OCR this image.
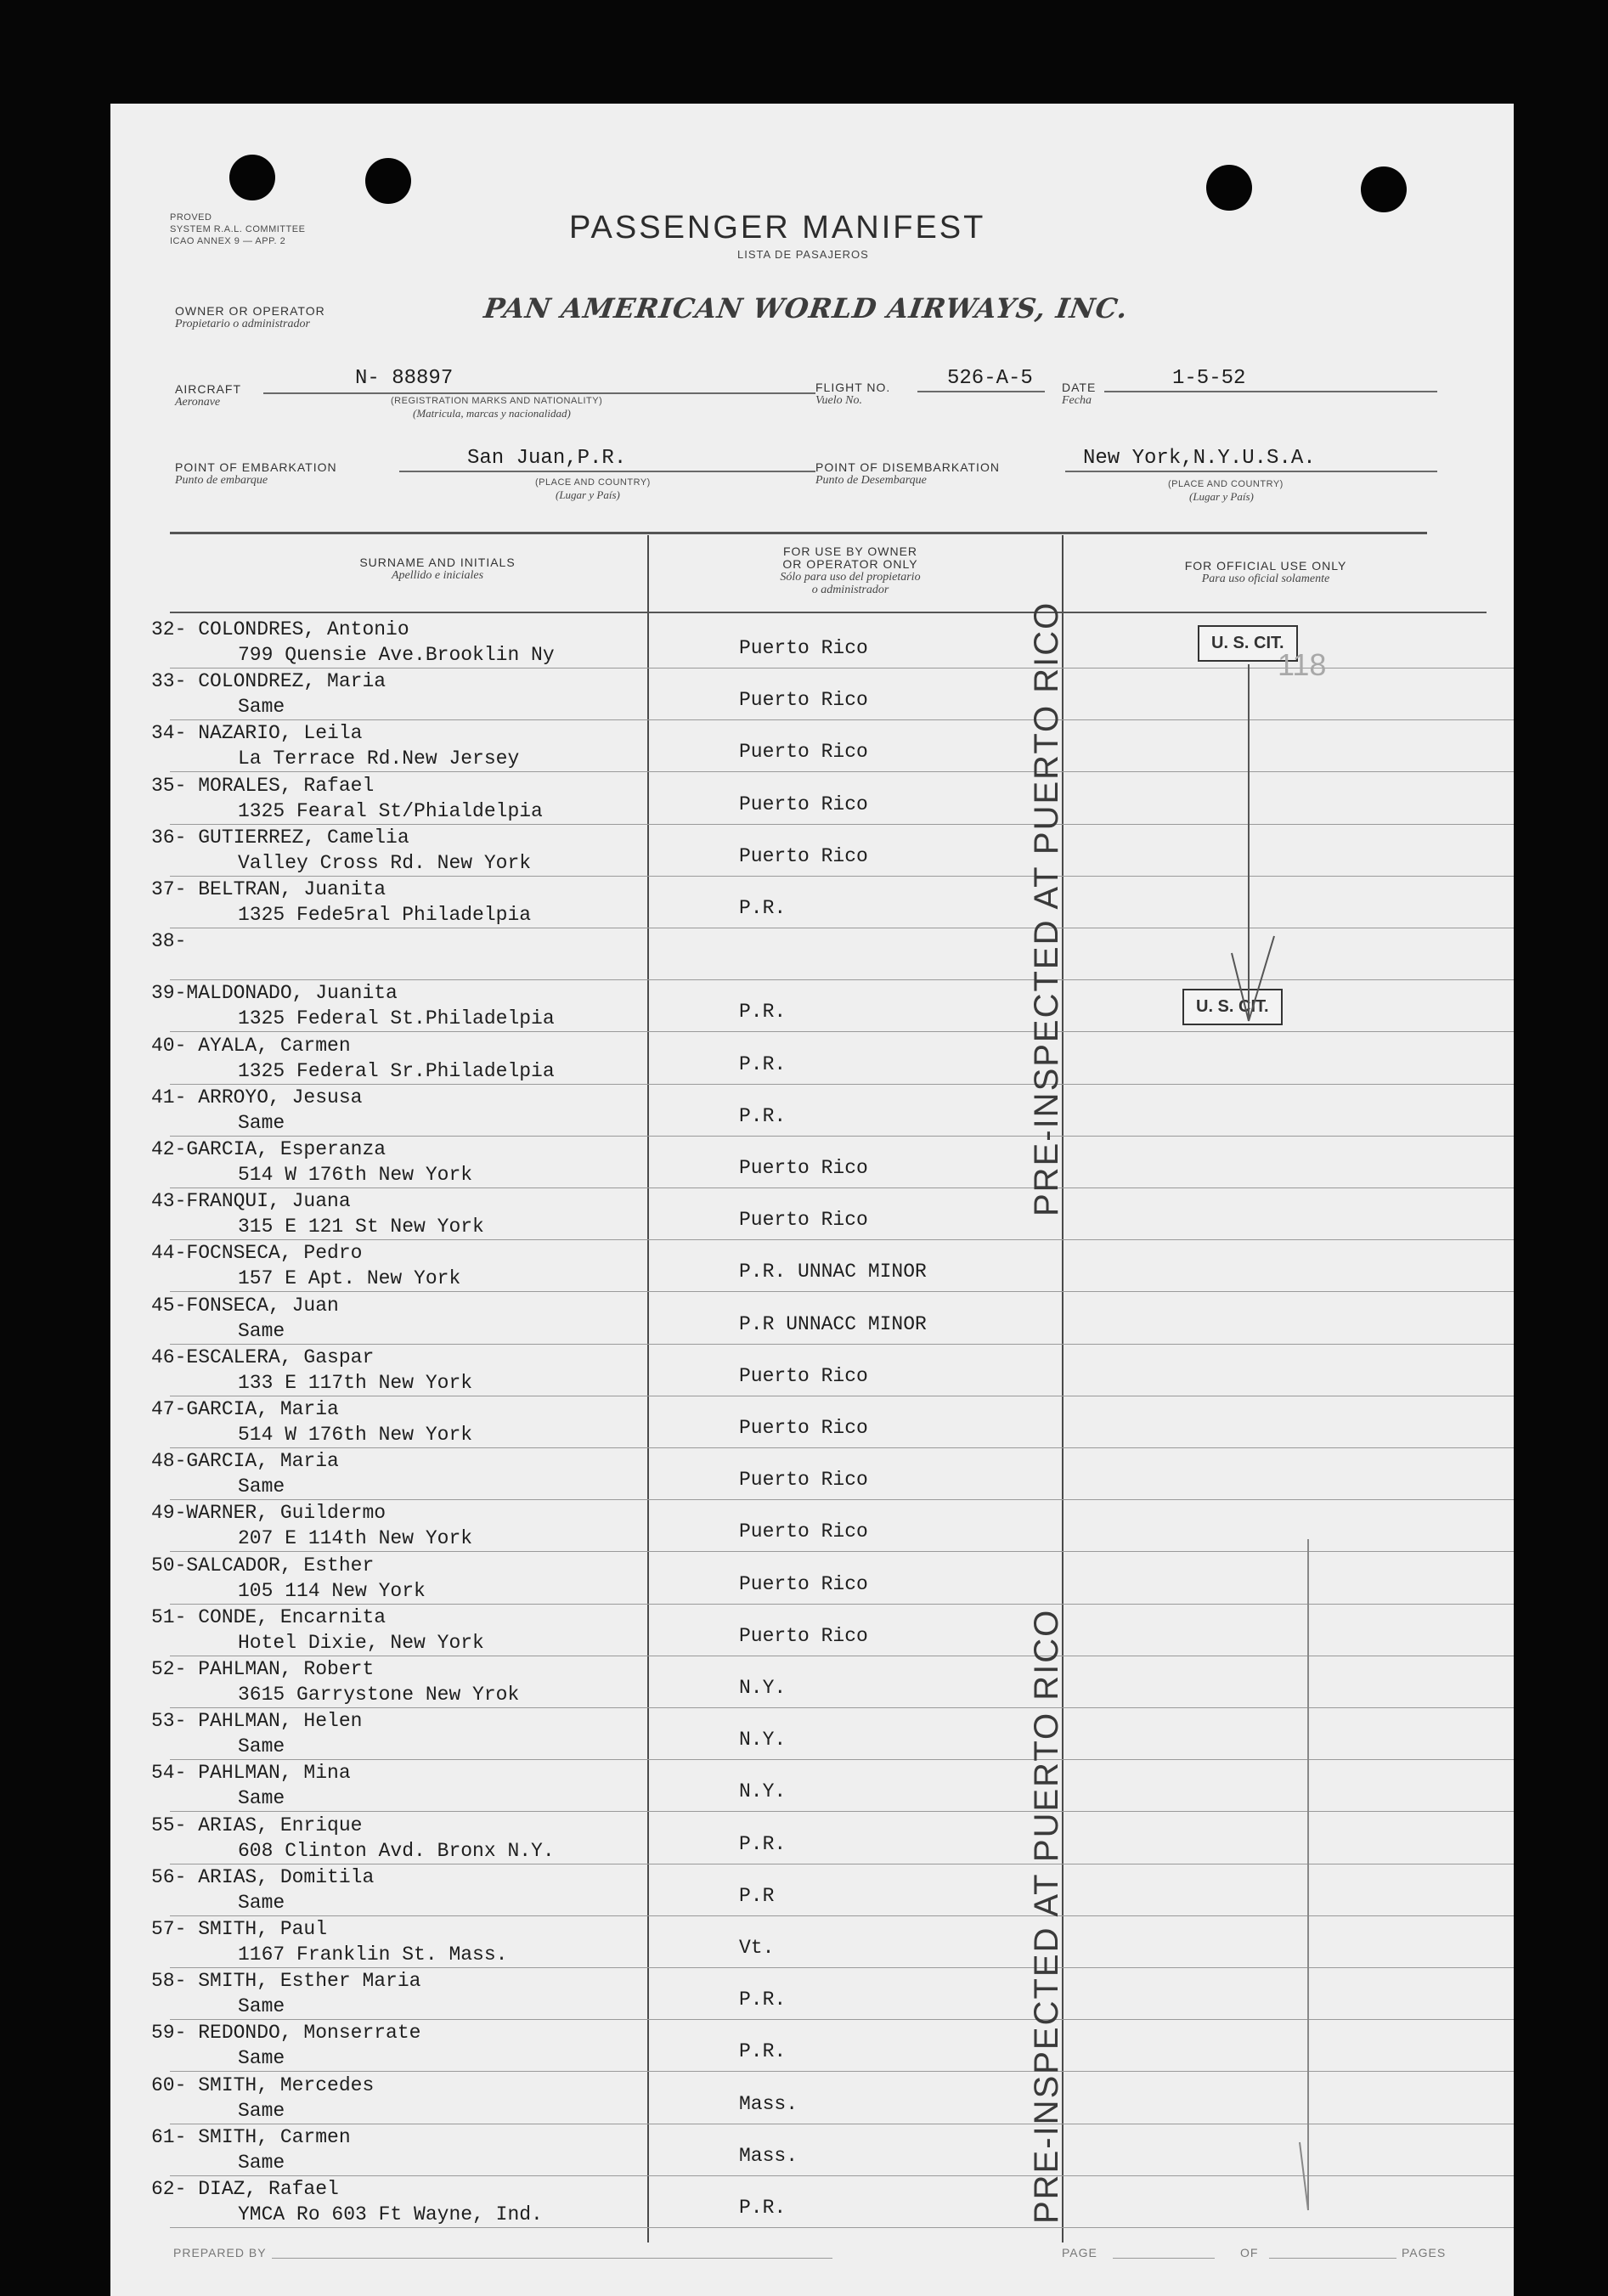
PROVED
SYSTEM R.A.L. COMMITTEE
ICAO ANNEX 9 — APP. 2	PASSENGER MANIFEST
LISTA DE PASAJEROS
OWNER OR OPERATOR
Propietario o administrador	PAN AMERICAN WORLD AIRWAYS, INC.
AIRCRAFT
Aeronave
N- 88897
(REGISTRATION MARKS AND NATIONALITY)
(Matricula, marcas y nacionalidad)
FLIGHT NO.
Vuelo No.
526-A-5 DATE
Fecha
1-5-52
POINT OF EMBARKATION
Punto de embarque
San Juan,P.R.
(PLACE AND COUNTRY)
(Lugar y País)
POINT OF DISEMBARKATION
Punto de Desembarque
New York,N.Y.U.S.A.
(PLACE AND COUNTRY)
(Lugar y País)
SURNAME AND INITIALS
Apellido e iniciales
FOR USE BY OWNER
OR OPERATOR ONLY
Sólo para uso del propietario
o administrador
FOR OFFICIAL USE ONLY
Para uso oficial solamente
32- COLONDRES, Antonio
799 Quensie Ave.Brooklin Ny	Puerto Rico
33- COLONDREZ, Maria
Same	Puerto Rico
34- NAZARIO, Leila
La Terrace Rd.New Jersey	Puerto Rico
35- MORALES, Rafael
1325 Fearal St/Phialdelpia	Puerto Rico
36- GUTIERREZ, Camelia
Valley Cross Rd. New York	Puerto Rico
37- BELTRAN, Juanita
1325 Fede5ral Philadelpia	P.R.
38-
39-MALDONADO, Juanita
1325 Federal St.Philadelpia	P.R.
40- AYALA, Carmen
1325 Federal Sr.Philadelpia	P.R.
41- ARROYO, Jesusa
Same	P.R.
42-GARCIA, Esperanza
514 W 176th New York	Puerto Rico
43-FRANQUI, Juana
315 E 121 St New York	Puerto Rico
44-FOCNSECA, Pedro
157 E Apt. New York	P.R. UNNAC MINOR
45-FONSECA, Juan
Same	P.R UNNACC MINOR
46-ESCALERA, Gaspar
133 E 117th New York	Puerto Rico
47-GARCIA, Maria
514 W 176th New York	Puerto Rico
48-GARCIA, Maria
Same	Puerto Rico
49-WARNER, Guildermo
207 E 114th New York	Puerto Rico
50-SALCADOR, Esther
105 114 New York	Puerto Rico
51- CONDE, Encarnita
Hotel Dixie, New York	Puerto Rico
52- PAHLMAN, Robert
3615 Garrystone New Yrok	N.Y.
53- PAHLMAN, Helen
Same	N.Y.
54- PAHLMAN, Mina
Same	N.Y.
55- ARIAS, Enrique
608 Clinton Avd. Bronx N.Y.	P.R.
56- ARIAS, Domitila
Same	P.R
57- SMITH, Paul
1167 Franklin St. Mass.	Vt.
58- SMITH, Esther Maria
Same	P.R.
59- REDONDO, Monserrate
Same	P.R.
60- SMITH, Mercedes
Same	Mass.
61- SMITH, Carmen
Same	Mass.
62- DIAZ, Rafael
YMCA Ro 603 Ft Wayne, Ind.	P.R.
PRE-INSPECTED AT PUERTO RICO
PRE-INSPECTED AT PUERTO RICO
U. S. CIT.
118
U. S. CIT.
PREPARED BY	PAGE	OF	PAGES
